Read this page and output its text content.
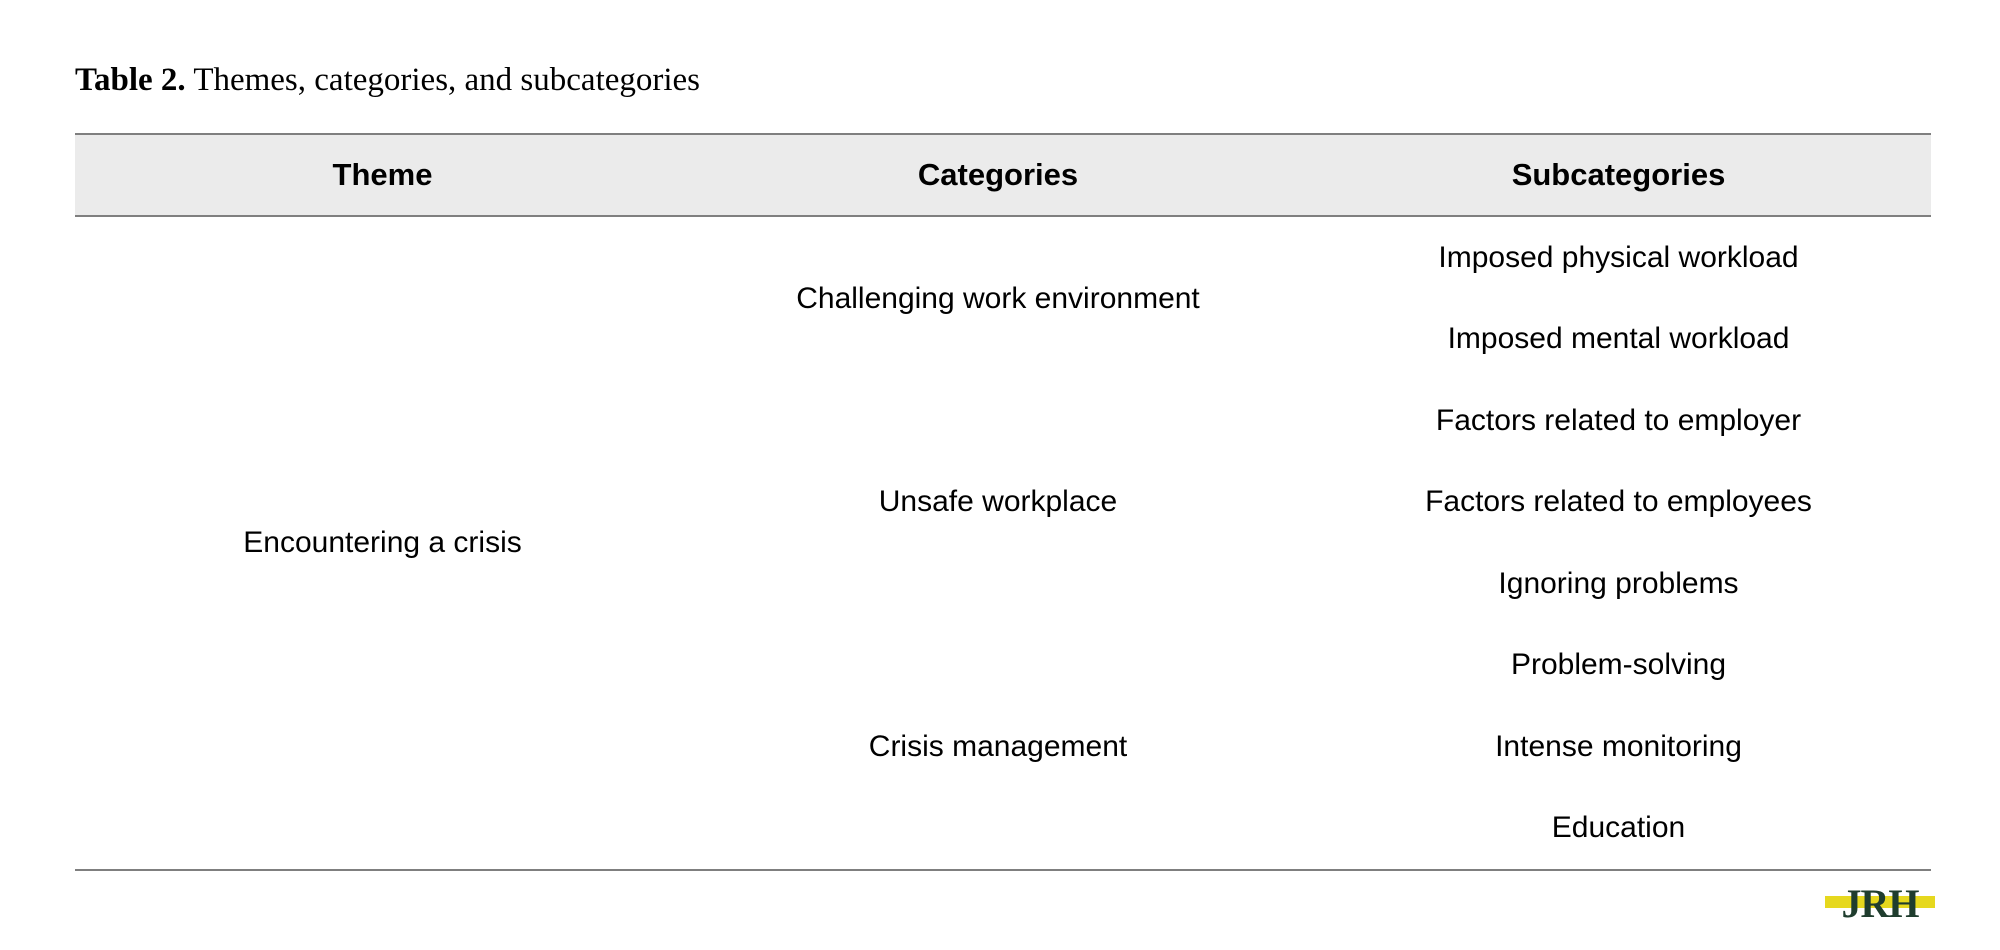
Table 2. Themes, categories, and subcategories
Theme	Categories	Subcategories
Encountering a crisis	Challenging work environment	Imposed physical workload
		Imposed mental workload
	Unsafe workplace	Factors related to employer
		Factors related to employees
		Ignoring problems
	Crisis management	Problem-solving
		Intense monitoring
		Education
JRH
